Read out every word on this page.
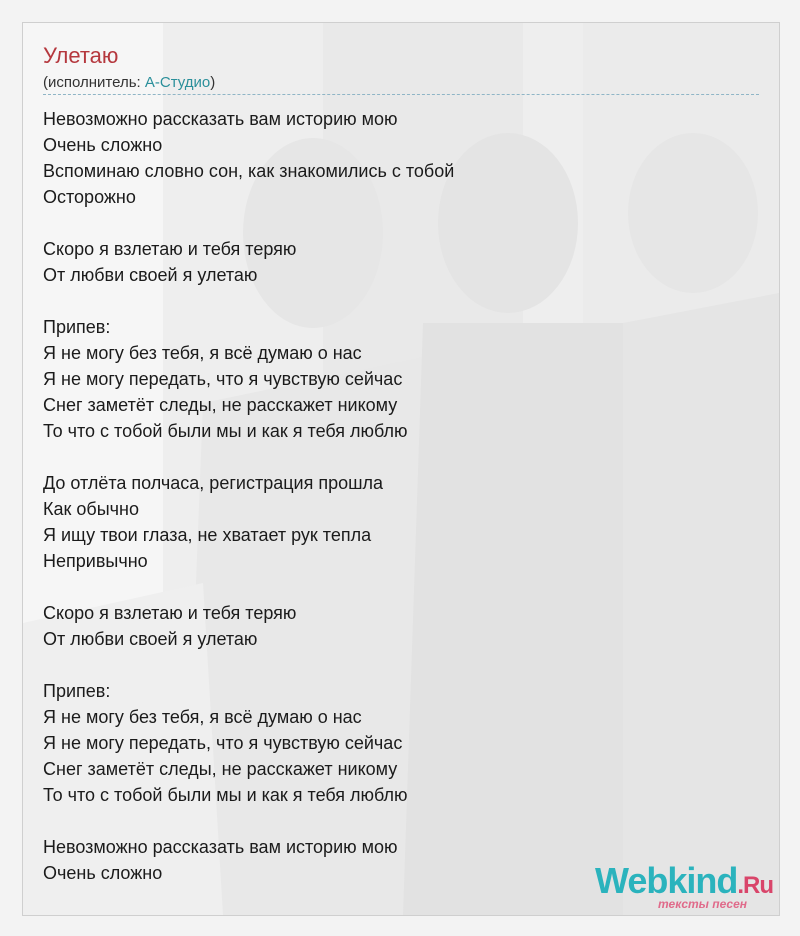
Улетаю
(исполнитель: А-Студио)
Невозможно рассказать вам историю мою
Очень сложно
Вспоминаю словно сон, как знакомились с тобой
Осторожно
Скоро я взлетаю и тебя теряю
От любви своей я улетаю
Припев:
Я не могу без тебя, я всё думаю о нас
Я не могу передать, что я чувствую сейчас
Снег заметёт следы, не расскажет никому
То что с тобой были мы и как я тебя люблю
До отлёта полчаса, регистрация прошла
Как обычно
Я ищу твои глаза, не хватает рук тепла
Непривычно
Скоро я взлетаю и тебя теряю
От любви своей я улетаю
Припев:
Я не могу без тебя, я всё думаю о нас
Я не могу передать, что я чувствую сейчас
Снег заметёт следы, не расскажет никому
То что с тобой были мы и как я тебя люблю
Невозможно рассказать вам историю мою
Очень сложно	Webkind.Ru
тексты песен
